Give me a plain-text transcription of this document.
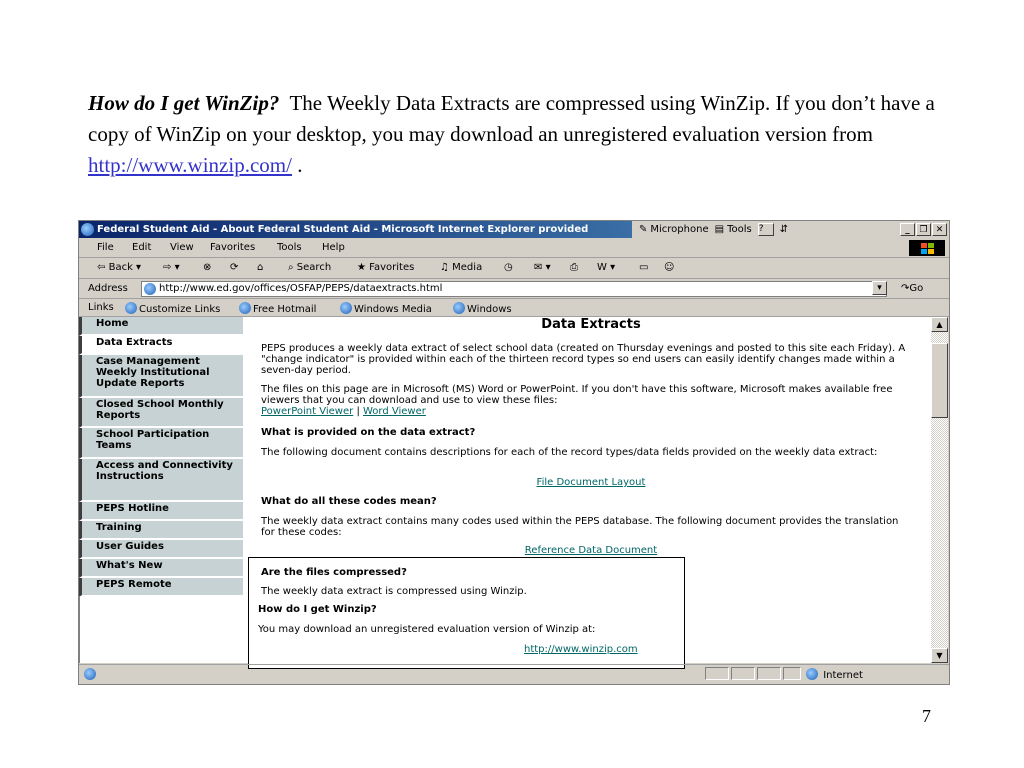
How do I get WinZip? The Weekly Data Extracts are compressed using WinZip. If you don’t have a copy of WinZip on your desktop, you may download an unregistered evaluation version from http://www.winzip.com/ .
Federal Student Aid - About Federal Student Aid - Microsoft Internet Explorer provided	✎ Microphone ▤ Tools ?	⇵	_	❐ ✕
File Edit View Favorites Tools Help
⇦ Back ▾ ⇨ ▾ ⊗ ⟳ ⌂ ⌕ Search	★ Favorites	♫ Media ◷ ✉ ▾ ⎙ W ▾ ▭ ☺
Address	http://www.ed.gov/offices/OSFAP/PEPS/dataextracts.html	▾	↷Go
Links	Customize Links	Free Hotmail	Windows Media	Windows
Home
Data Extracts
Case Management Weekly Institutional Update Reports
Closed School Monthly Reports
School Participation Teams
Access and Connectivity Instructions
PEPS Hotline
Training
User Guides
What's New
PEPS Remote
Data Extracts
PEPS produces a weekly data extract of select school data (created on Thursday evenings and posted to this site each Friday). A "change indicator" is provided within each of the thirteen record types so end users can easily identify changes made within a seven-day period.
The files on this page are in Microsoft (MS) Word or PowerPoint. If you don't have this software, Microsoft makes available free viewers that you can download and use to view these files:
PowerPoint Viewer | Word Viewer
What is provided on the data extract?
The following document contains descriptions for each of the record types/data fields provided on the weekly data extract:
File Document Layout
What do all these codes mean?
The weekly data extract contains many codes used within the PEPS database. The following document provides the translation for these codes:
Reference Data Document
Are the files compressed?
The weekly data extract is compressed using Winzip.
How do I get Winzip?
You may download an unregistered evaluation version of Winzip at:
http://www.winzip.com
▲
▼
Internet
7
